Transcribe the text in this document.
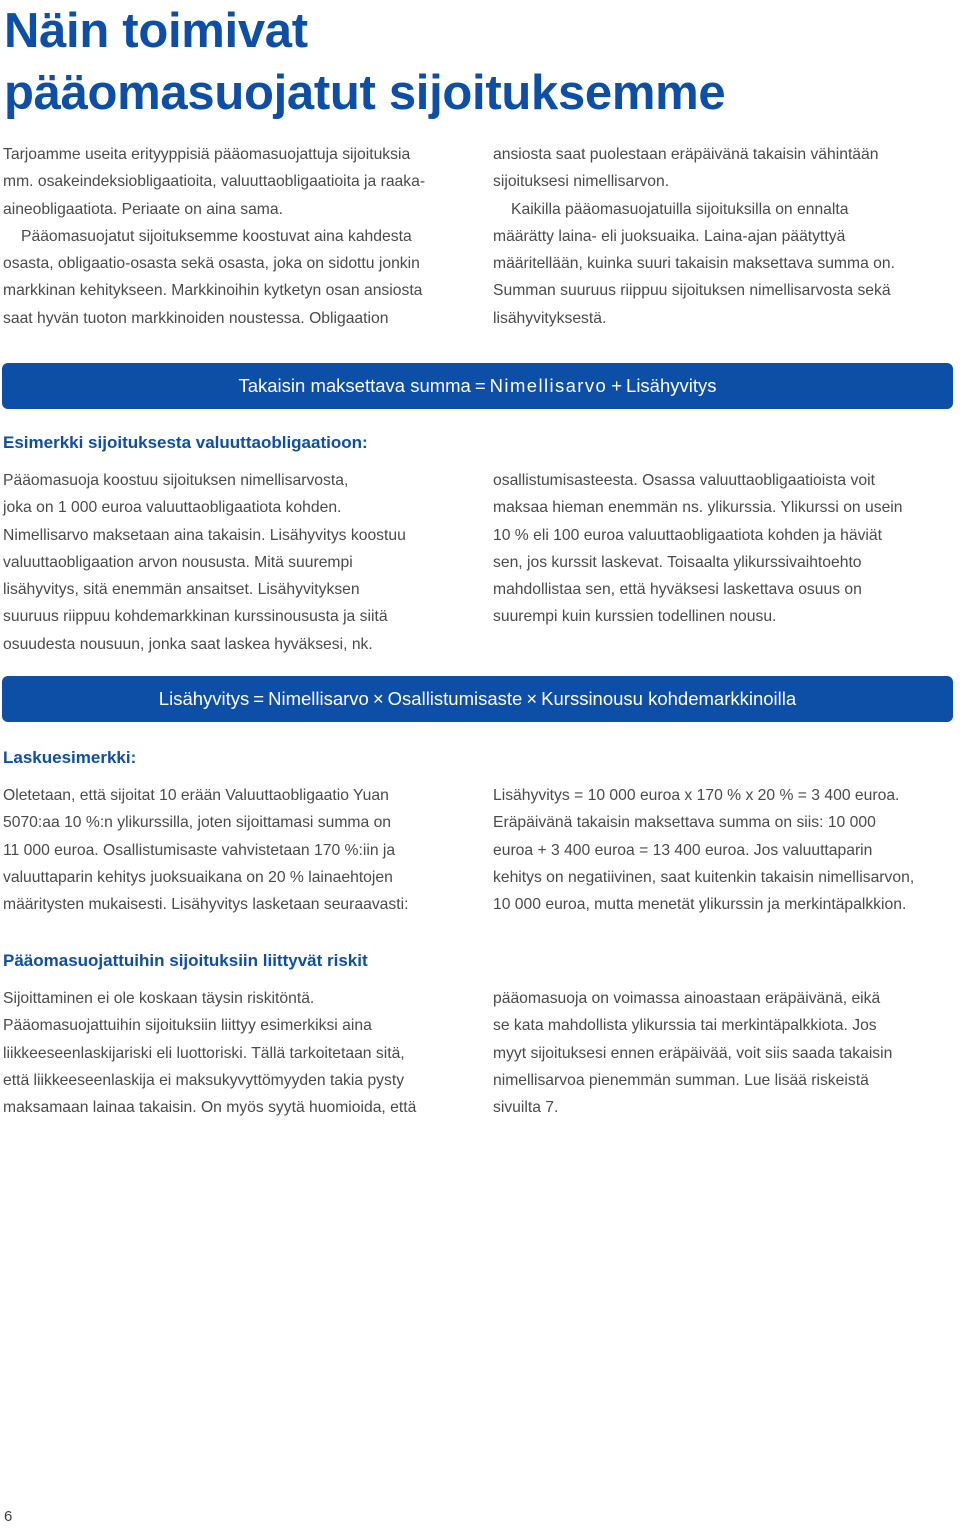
Näin toimivat
pääomasuojatut sijoituksemme
Tarjoamme useita erityyppisiä pääomasuojattuja sijoituksia
mm. osakeindeksiobligaatioita, valuuttaobligaatioita ja raaka-
aineobligaatiota. Periaate on aina sama.
Pääomasuojatut sijoituksemme koostuvat aina kahdesta
osasta, obligaatio-osasta sekä osasta, joka on sidottu jonkin
markkinan kehitykseen. Markkinoihin kytketyn osan ansiosta
saat hyvän tuoton markkinoiden noustessa. Obligaation
ansiosta saat puolestaan eräpäivänä takaisin vähintään
sijoituksesi nimellisarvon.
Kaikilla pääomasuojatuilla sijoituksilla on ennalta
määrätty laina- eli juoksuaika. Laina-ajan päätyttyä
määritellään, kuinka suuri takaisin maksettava summa on.
Summan suuruus riippuu sijoituksen nimellisarvosta sekä
lisähyvityksestä.
Takaisin maksettava summa = Nimellisarvo + Lisähyvitys
Esimerkki sijoituksesta valuuttaobligaatioon:
Pääomasuoja koostuu sijoituksen nimellisarvosta,
joka on 1 000 euroa valuuttaobligaatiota kohden.
Nimellisarvo maksetaan aina takaisin. Lisähyvitys koostuu
valuuttaobligaation arvon noususta. Mitä suurempi
lisähyvitys, sitä enemmän ansaitset. Lisähyvityksen
suuruus riippuu kohdemarkkinan kurssinoususta ja siitä
osuudesta nousuun, jonka saat laskea hyväksesi, nk.
osallistumisasteesta. Osassa valuuttaobligaatioista voit
maksaa hieman enemmän ns. ylikurssia. Ylikurssi on usein
10 % eli 100 euroa valuuttaobligaatiota kohden ja häviät
sen, jos kurssit laskevat. Toisaalta ylikurssivaihtoehto
mahdollistaa sen, että hyväksesi laskettava osuus on
suurempi kuin kurssien todellinen nousu.
Lisähyvitys = Nimellisarvo × Osallistumisaste × Kurssinousu kohdemarkkinoilla
Laskuesimerkki:
Oletetaan, että sijoitat 10 erään Valuuttaobligaatio Yuan
5070:aa 10 %:n ylikurssilla, joten sijoittamasi summa on
11 000 euroa. Osallistumisaste vahvistetaan 170 %:iin ja
valuuttaparin kehitys juoksuaikana on 20 % lainaehtojen
määritysten mukaisesti. Lisähyvitys lasketaan seuraavasti:
Lisähyvitys = 10 000 euroa x 170 % x 20 % = 3 400 euroa.
Eräpäivänä takaisin maksettava summa on siis: 10 000
euroa + 3 400 euroa = 13 400 euroa. Jos valuuttaparin
kehitys on negatiivinen, saat kuitenkin takaisin nimellisarvon,
10 000 euroa, mutta menetät ylikurssin ja merkintäpalkkion.
Pääomasuojattuihin sijoituksiin liittyvät riskit
Sijoittaminen ei ole koskaan täysin riskitöntä.
Pääomasuojattuihin sijoituksiin liittyy esimerkiksi aina
liikkeeseenlaskijariski eli luottoriski. Tällä tarkoitetaan sitä,
että liikkeeseenlaskija ei maksukyvyttömyyden takia pysty
maksamaan lainaa takaisin. On myös syytä huomioida, että
pääomasuoja on voimassa ainoastaan eräpäivänä, eikä
se kata mahdollista ylikurssia tai merkintäpalkkiota. Jos
myyt sijoituksesi ennen eräpäivää, voit siis saada takaisin
nimellisarvoa pienemmän summan. Lue lisää riskeistä
sivuilta 7.
6
